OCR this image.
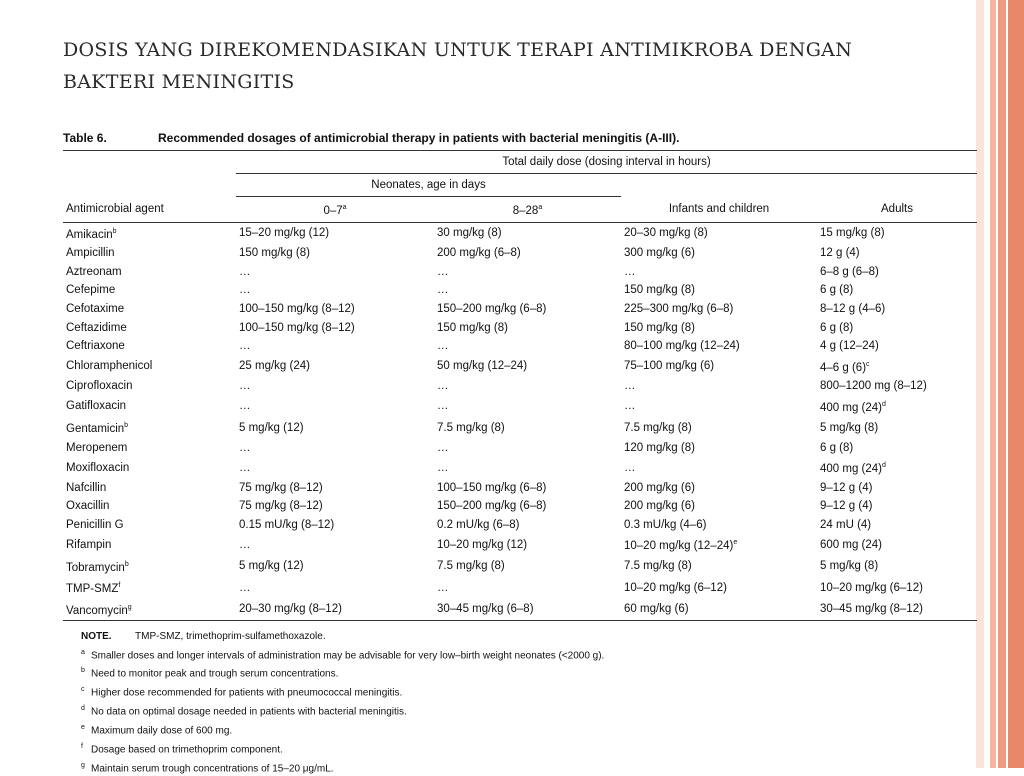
DOSIS YANG DIREKOMENDASIKAN UNTUK TERAPI ANTIMIKROBA DENGAN BAKTERI MENINGITIS
Table 6.	Recommended dosages of antimicrobial therapy in patients with bacterial meningitis (A-III).
	Total daily dose (dosing interval in hours)			
	Neonates, age in days			
Antimicrobial agent	0–7$^a$	8–28$^a$	Infants and children	Adults
Amikacin$^b$	15–20 mg/kg (12)	30 mg/kg (8)	20–30 mg/kg (8)	15 mg/kg (8)
Ampicillin	150 mg/kg (8)	200 mg/kg (6–8)	300 mg/kg (6)	12 g (4)
Aztreonam	…	…	…	6–8 g (6–8)
Cefepime	…	…	150 mg/kg (8)	6 g (8)
Cefotaxime	100–150 mg/kg (8–12)	150–200 mg/kg (6–8)	225–300 mg/kg (6–8)	8–12 g (4–6)
Ceftazidime	100–150 mg/kg (8–12)	150 mg/kg (8)	150 mg/kg (8)	6 g (8)
Ceftriaxone	…	…	80–100 mg/kg (12–24)	4 g (12–24)
Chloramphenicol	25 mg/kg (24)	50 mg/kg (12–24)	75–100 mg/kg (6)	4–6 g $(6)^c$
Ciprofloxacin	…	…	…	800–1200 mg (8–12)
Gatifloxacin	…	…	…	400 mg $(24)^d$
Gentamicin$^b$	5 mg/kg (12)	7.5 mg/kg (8)	7.5 mg/kg (8)	5 mg/kg (8)
Meropenem	…	…	120 mg/kg (8)	6 g (8)
Moxifloxacin	…	…	…	400 mg $(24)^d$
Nafcillin	75 mg/kg (8–12)	100–150 mg/kg (6–8)	200 mg/kg (6)	9–12 g (4)
Oxacillin	75 mg/kg (8–12)	150–200 mg/kg (6–8)	200 mg/kg (6)	9–12 g (4)
Penicillin G	0.15 mU/kg (8–12)	0.2 mU/kg (6–8)	0.3 mU/kg (4–6)	24 mU (4)
Rifampin	…	10–20 mg/kg (12)	10–20 mg/kg $(12-24)^e$	600 mg (24)
Tobramycin$^b$	5 mg/kg (12)	7.5 mg/kg (8)	7.5 mg/kg (8)	5 mg/kg (8)
TMP-SMZ$^f$	…	…	10–20 mg/kg (6–12)	10–20 mg/kg (6–12)
Vancomycin$^g$	20–30 mg/kg (8–12)	30–45 mg/kg (6–8)	60 mg/kg (6)	30–45 mg/kg (8–12)
NOTE. TMP-SMZ, trimethoprim-sulfamethoxazole.
$^a$ Smaller doses and longer intervals of administration may be advisable for very low–birth weight neonates (<2000 g).
$^b$ Need to monitor peak and trough serum concentrations.
$^c$ Higher dose recommended for patients with pneumococcal meningitis.
$^d$ No data on optimal dosage needed in patients with bacterial meningitis.
$^e$ Maximum daily dose of 600 mg.
$^f$ Dosage based on trimethoprim component.
$^g$ Maintain serum trough concentrations of 15–20 μg/mL.
